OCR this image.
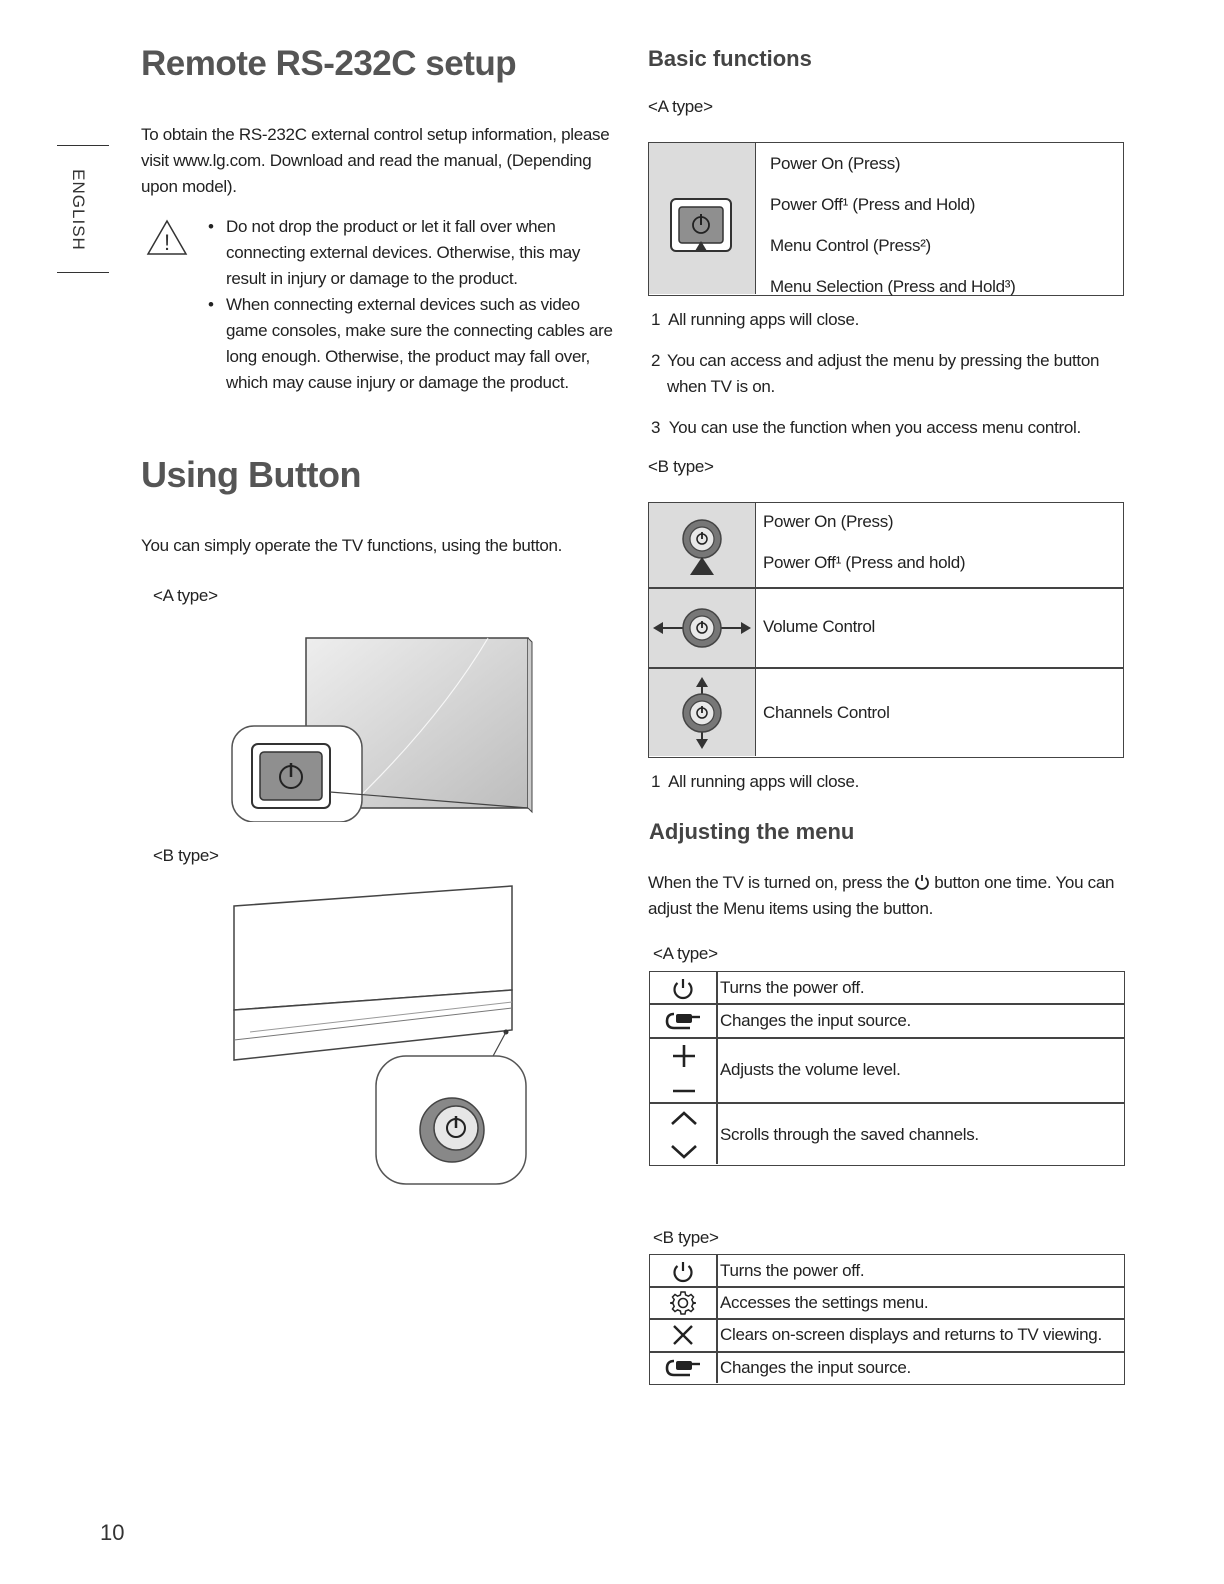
ENGLISH
Remote RS-232C setup
To obtain the RS-232C external control setup information, please visit www.lg.com. Download and read the manual, (Depending upon model).
!
• Do not drop the product or let it fall over when connecting external devices. Otherwise, this may result in injury or damage to the product.
• When connecting external devices such as video game consoles, make sure the connecting cables are long enough. Otherwise, the product may fall over, which may cause injury or damage the product.
Using Button
You can simply operate the TV functions, using the button.
<A type>
<B type>
Basic functions
<A type>
Power On (Press)
Power Off¹ (Press and Hold)
Menu Control (Press²)
Menu Selection (Press and Hold³)
1 All running apps will close.
2 You can access and adjust the menu by pressing the button when TV is on.
3 You can use the function when you access menu control.
<B type>
Power On (Press)
Power Off¹ (Press and hold)
Volume Control
Channels Control
1 All running apps will close.
Adjusting the menu
When the TV is turned on, press the button one time. You can adjust the Menu items using the button.
<A type>
Turns the power off.
Changes the input source.
Adjusts the volume level.
Scrolls through the saved channels.
<B type>
Turns the power off.
Accesses the settings menu.
Clears on-screen displays and returns to TV viewing.
Changes the input source.
10
